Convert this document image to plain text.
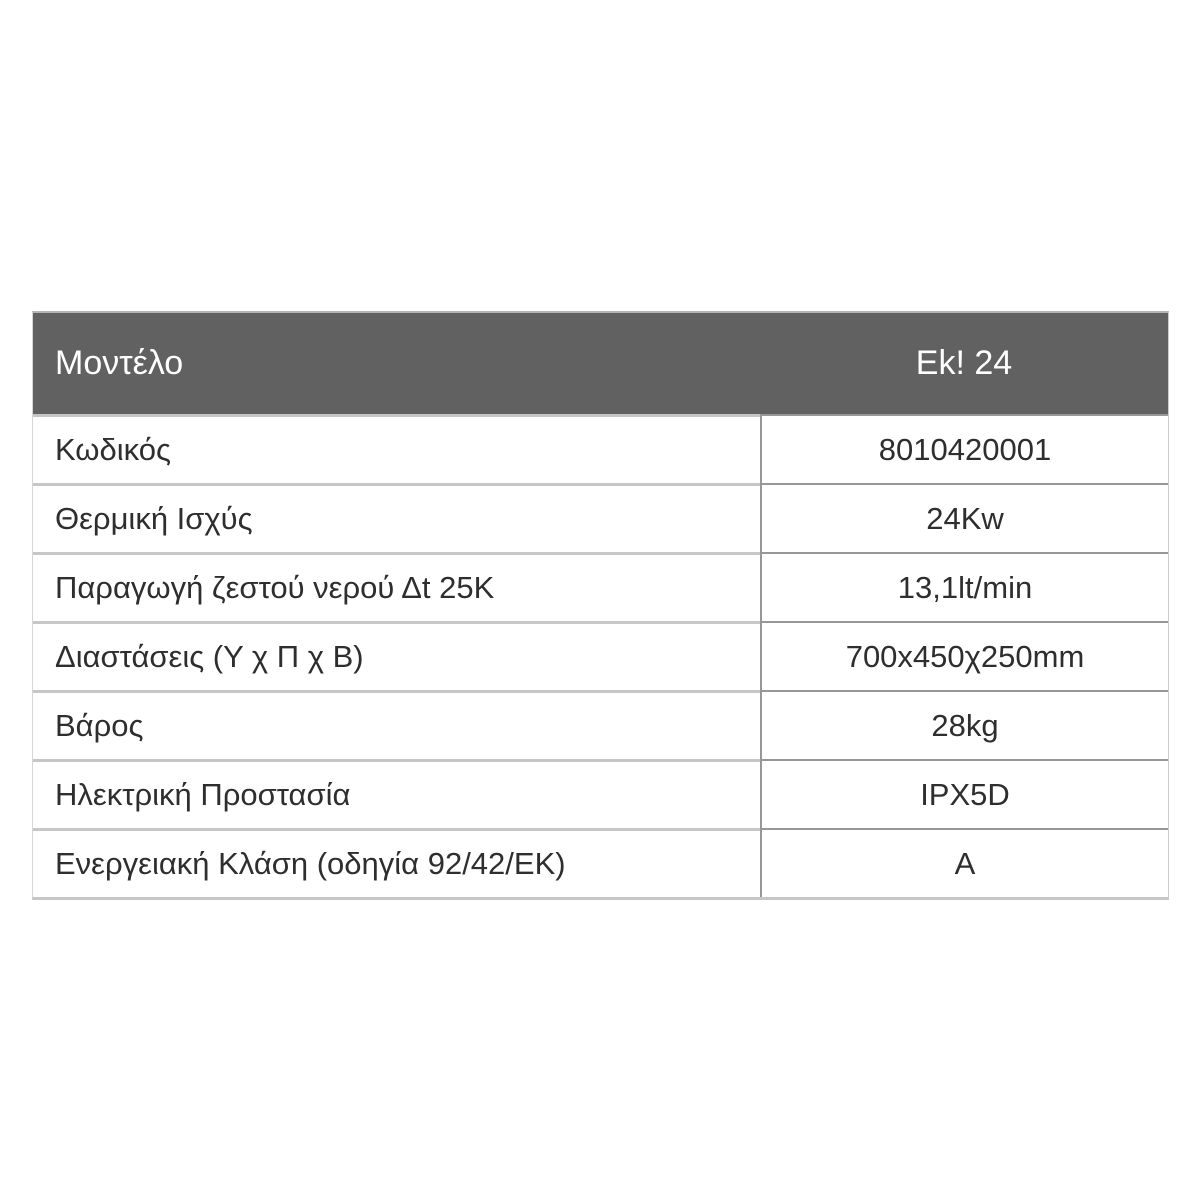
Μοντέλο	Ek! 24
Κωδικός	8010420001
Θερμική Ισχύς	24Kw
Παραγωγή ζεστού νερού Δt 25K	13,1lt/min
Διαστάσεις (Υ χ Π χ Β)	700x450χ250mm
Βάρος	28kg
Ηλεκτρική Προστασία	IPX5D
Ενεργειακή Κλάση (οδηγία 92/42/ΕΚ)	A
